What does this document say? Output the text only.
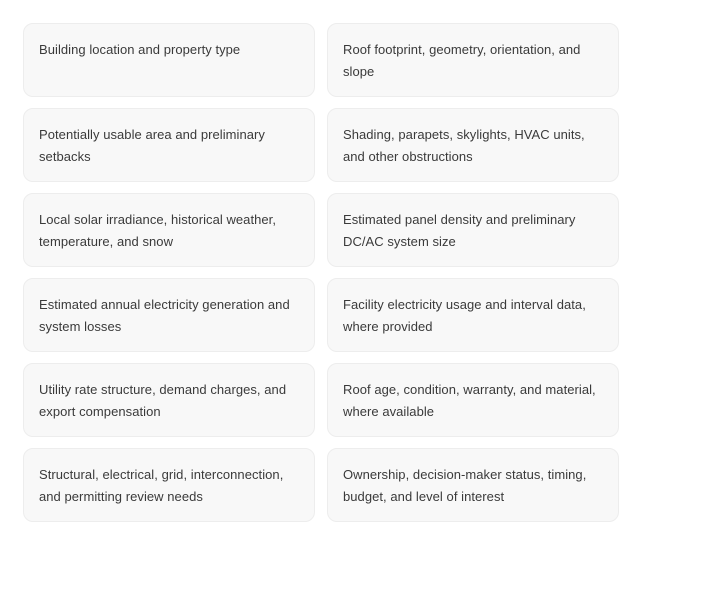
Building location and property type	Roof footprint, geometry, orientation, and slope
Potentially usable area and preliminary setbacks
Shading, parapets, skylights, HVAC units, and other obstructions
Local solar irradiance, historical weather, temperature, and snow
Estimated panel density and preliminary DC/AC system size
Estimated annual electricity generation and system losses
Facility electricity usage and interval data, where provided
Utility rate structure, demand charges, and export compensation
Roof age, condition, warranty, and material, where available
Structural, electrical, grid, interconnection, and permitting review needs
Ownership, decision-maker status, timing, budget, and level of interest
